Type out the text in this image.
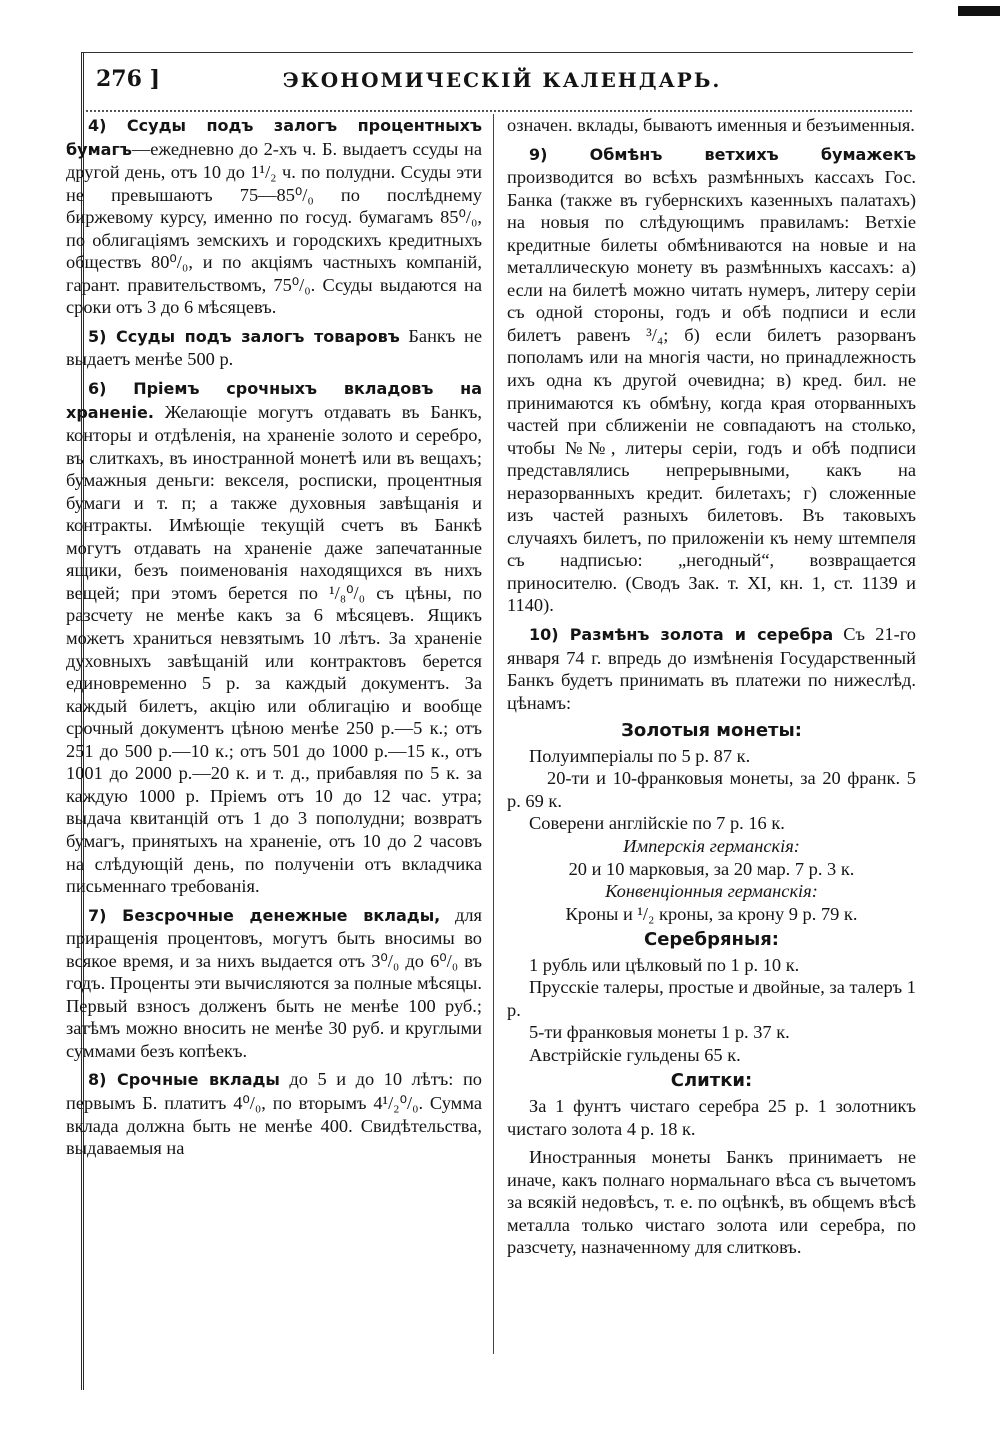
276 ]	ЭКОНОМИЧЕСКІЙ КАЛЕНДАРЬ.

4) Ссуды подъ залогъ процентныхъ бумагъ—ежедневно до 2-хъ ч. Б. выдаетъ ссуды на другой день, отъ 10 до 1¹/₂ ч. по полудни. Ссуды эти не превышаютъ 75—85⁰/₀ по послѣднему биржевому курсу, именно по госуд. бумагамъ 85⁰/₀, по облигаціямъ земскихъ и городскихъ кредитныхъ обществъ 80⁰/₀, и по акціямъ частныхъ компаній, гарант. правительствомъ, 75⁰/₀. Ссуды выдаются на сроки отъ 3 до 6 мѣсяцевъ.

5) Ссуды подъ залогъ товаровъ Банкъ не выдаетъ менѣе 500 р.

6) Пріемъ срочныхъ вкладовъ на храненіе. Желающіе могутъ отдавать въ Банкъ, конторы и отдѣленія, на храненіе золото и серебро, въ слиткахъ, въ иностранной монетѣ или въ вещахъ; бумажныя деньги: векселя, росписки, процентныя бумаги и т. п; а также духовныя завѣщанія и контракты. Имѣющіе текущій счетъ въ Банкѣ могутъ отдавать на храненіе даже запечатанные ящики, безъ поименованія находящихся въ нихъ вещей; при этомъ берется по ¹/₈⁰/₀ съ цѣны, по разсчету не менѣе какъ за 6 мѣсяцевъ. Ящикъ можетъ храниться невзятымъ 10 лѣтъ. За храненіе духовныхъ завѣщаній или контрактовъ берется единовременно 5 р. за каждый документъ. За каждый билетъ, акцію или облигацію и вообще срочный документъ цѣною менѣе 250 р.—5 к.; отъ 251 до 500 р.—10 к.; отъ 501 до 1000 р.—15 к., отъ 1001 до 2000 р.—20 к. и т. д., прибавляя по 5 к. за каждую 1000 р. Пріемъ отъ 10 до 12 час. утра; выдача квитанцій отъ 1 до 3 пополудни; возвратъ бумагъ, принятыхъ на храненіе, отъ 10 до 2 часовъ на слѣдующій день, по полученіи отъ вкладчика письменнаго требованія.

7) Безсрочные денежные вклады, для приращенія процентовъ, могутъ быть вносимы во всякое время, и за нихъ выдается отъ 3⁰/₀ до 6⁰/₀ въ годъ. Проценты эти вычисляются за полные мѣсяцы. Первый взносъ долженъ быть не менѣе 100 руб.; затѣмъ можно вносить не менѣе 30 руб. и круглыми суммами безъ копѣекъ.

8) Срочные вклады до 5 и до 10 лѣтъ: по первымъ Б. платитъ 4⁰/₀, по вторымъ 4¹/₂⁰/₀. Сумма вклада должна быть не менѣе 400. Свидѣтельства, выдаваемыя на

означен. вклады, бываютъ именныя и безъименныя.

9) Обмѣнъ ветхихъ бумажекъ производится во всѣхъ размѣнныхъ кассахъ Гос. Банка (также въ губернскихъ казенныхъ палатахъ) на новыя по слѣдующимъ правиламъ: Ветхіе кредитные билеты обмѣниваются на новые и на металлическую монету въ размѣнныхъ кассахъ: а) если на билетѣ можно читать нумеръ, литеру серіи съ одной стороны, годъ и обѣ подписи и если билетъ равенъ ³/₄; б) если билетъ разорванъ пополамъ или на многія части, но принадлежность ихъ одна къ другой очевидна; в) кред. бил. не принимаются къ обмѣну, когда края оторванныхъ частей при сближеніи не совпадаютъ на столько, чтобы №№, литеры серіи, годъ и обѣ подписи представлялись непрерывными, какъ на неразорванныхъ кредит. билетахъ; г) сложенные изъ частей разныхъ билетовъ. Въ таковыхъ случаяхъ билетъ, по приложеніи къ нему штемпеля съ надписью: „негодный“, возвращается приносителю. (Сводъ Зак. т. XI, кн. 1, ст. 1139 и 1140).

10) Размѣнъ золота и серебра Съ 21-го января 74 г. впредь до измѣненія Государственный Банкъ будетъ принимать въ платежи по нижеслѣд. цѣнамъ:

Золотыя монеты:

Полуимперіалы по 5 р. 87 к.

20-ти и 10-франковыя монеты, за 20 франк. 5 р. 69 к.

Соверени англійскіе по 7 р. 16 к.

Имперскія германскія:

20 и 10 марковыя, за 20 мар. 7 р. 3 к.

Конвенціонныя германскія:

Кроны и ¹/₂ кроны, за крону 9 р. 79 к.

Серебряныя:

1 рубль или цѣлковый по 1 р. 10 к.

Прусскіе талеры, простые и двойные, за талеръ 1 р.

5-ти франковыя монеты 1 р. 37 к.

Австрійскіе гульдены 65 к.

Слитки:

За 1 фунтъ чистаго серебра 25 р. 1 золотникъ чистаго золота 4 р. 18 к.

Иностранныя монеты Банкъ принимаетъ не иначе, какъ полнаго нормальнаго вѣса съ вычетомъ за всякій недовѣсъ, т. е. по оцѣнкѣ, въ общемъ вѣсѣ металла только чистаго золота или серебра, по разсчету, назначенному для слитковъ.
